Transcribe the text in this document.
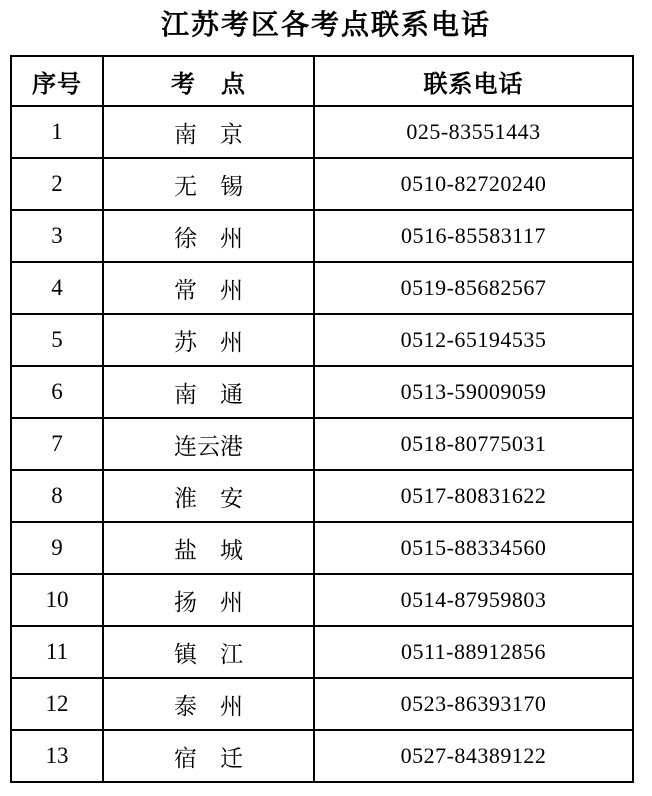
江苏考区各考点联系电话
序号	考　点	联系电话
1	南　京	025-83551443
2	无　锡	0510-82720240
3	徐　州	0516-85583117
4	常　州	0519-85682567
5	苏　州	0512-65194535
6	南　通	0513-59009059
7	连云港	0518-80775031
8	淮　安	0517-80831622
9	盐　城	0515-88334560
10	扬　州	0514-87959803
11	镇　江	0511-88912856
12	泰　州	0523-86393170
13	宿　迁	0527-84389122
